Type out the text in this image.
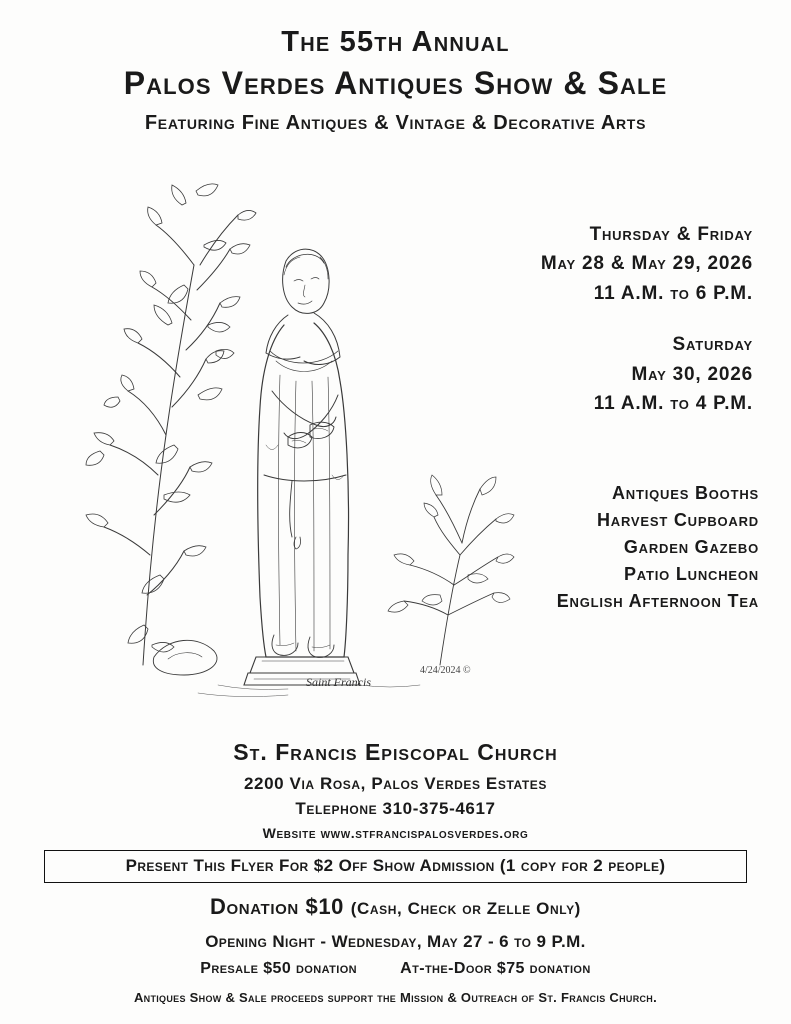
The 55th Annual
Palos Verdes Antiques Show & Sale
Featuring Fine Antiques & Vintage & Decorative Arts
Saint Francis
4/24/2024 ©
Thursday & Friday
May 28 & May 29, 2026
11 A.M. to 6 P.M.
Saturday
May 30, 2026
11 A.M. to 4 P.M.
Antiques Booths
Harvest Cupboard
Garden Gazebo
Patio Luncheon
English Afternoon Tea
St. Francis Episcopal Church
2200 Via Rosa, Palos Verdes Estates
Telephone 310-375-4617
Website www.stfrancispalosverdes.org
Present This Flyer For $2 Off Show Admission (1 copy for 2 people)
Donation $10 (Cash, Check or Zelle Only)
Opening Night - Wednesday, May 27 - 6 to 9 P.M.
Presale $50 donation	At-the-Door $75 donation
Antiques Show & Sale proceeds support the Mission & Outreach of St. Francis Church.
